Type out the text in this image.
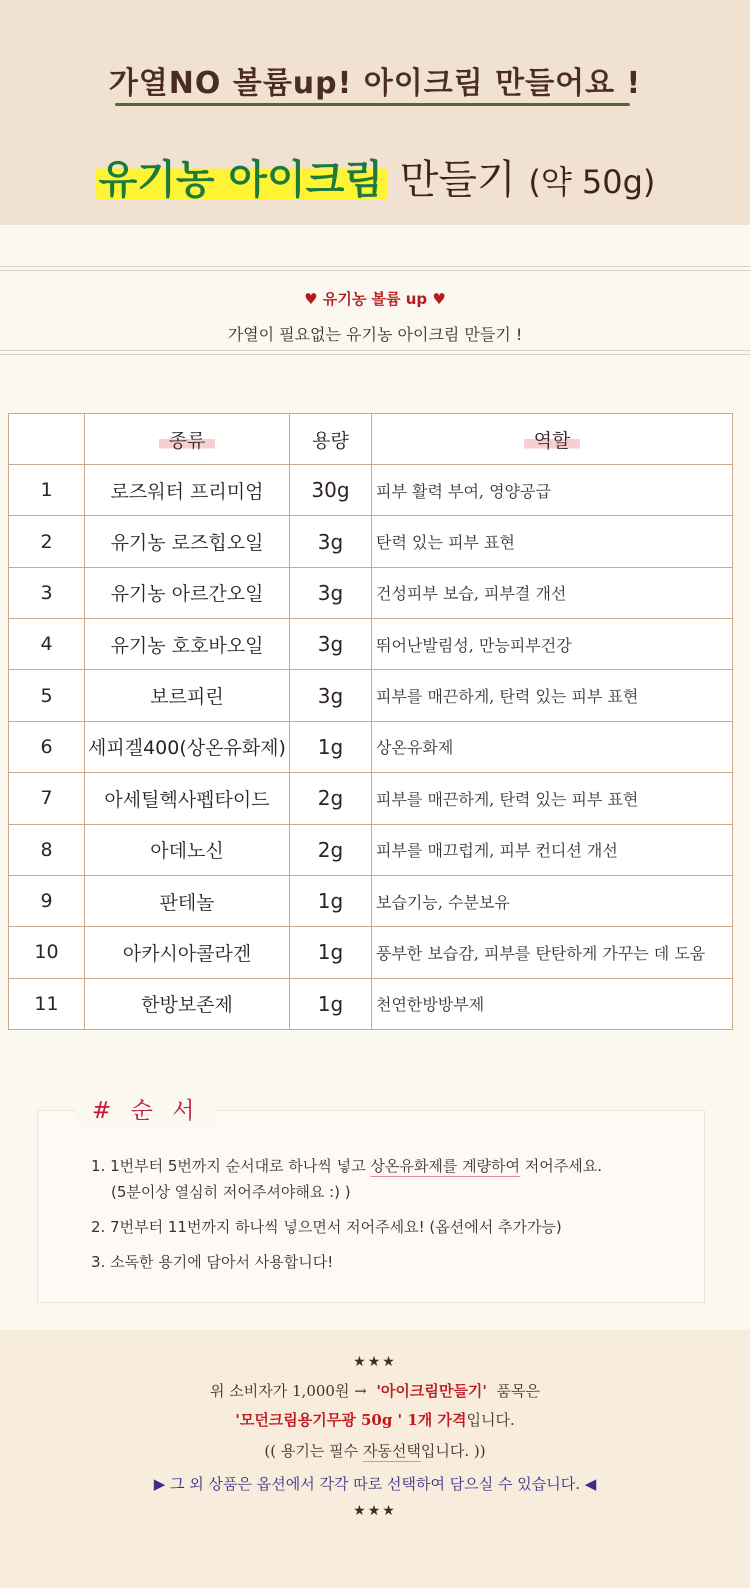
가열NO 볼륨up! 아이크림 만들어요 !
유기농 아이크림 만들기 (약 50g)
♥ 유기농 볼륨 up ♥
가열이 필요없는 유기농 아이크림 만들기 !
	종류	용량	역할
1	로즈워터 프리미엄	30g	피부 활력 부여, 영양공급
2	유기농 로즈힙오일	3g	탄력 있는 피부 표현
3	유기농 아르간오일	3g	건성피부 보습, 피부결 개선
4	유기농 호호바오일	3g	뛰어난발림성, 만능피부건강
5	보르피린	3g	피부를 매끈하게, 탄력 있는 피부 표현
6	세피겔400(상온유화제)	1g	상온유화제
7	아세틸헥사펩타이드	2g	피부를 매끈하게, 탄력 있는 피부 표현
8	아데노신	2g	피부를 매끄럽게, 피부 컨디션 개선
9	판테놀	1g	보습기능, 수분보유
10	아카시아콜라겐	1g	풍부한 보습감, 피부를 탄탄하게 가꾸는 데 도움
11	한방보존제	1g	천연한방방부제
# 순 서
1. 1번부터 5번까지 순서대로 하나씩 넣고 상온유화제를 계량하여 저어주세요.
(5분이상 열심히 저어주셔야해요 :) )
2. 7번부터 11번까지 하나씩 넣으면서 저어주세요! (옵션에서 추가가능)
3. 소독한 용기에 담아서 사용합니다!
★★★
위 소비자가 1,000원 → '아이크림만들기' 품목은
'모던크림용기무광 50g ' 1개 가격입니다.
(( 용기는 필수 자동선택입니다. ))
▶ 그 외 상품은 옵션에서 각각 따로 선택하여 담으실 수 있습니다. ◀
★★★
